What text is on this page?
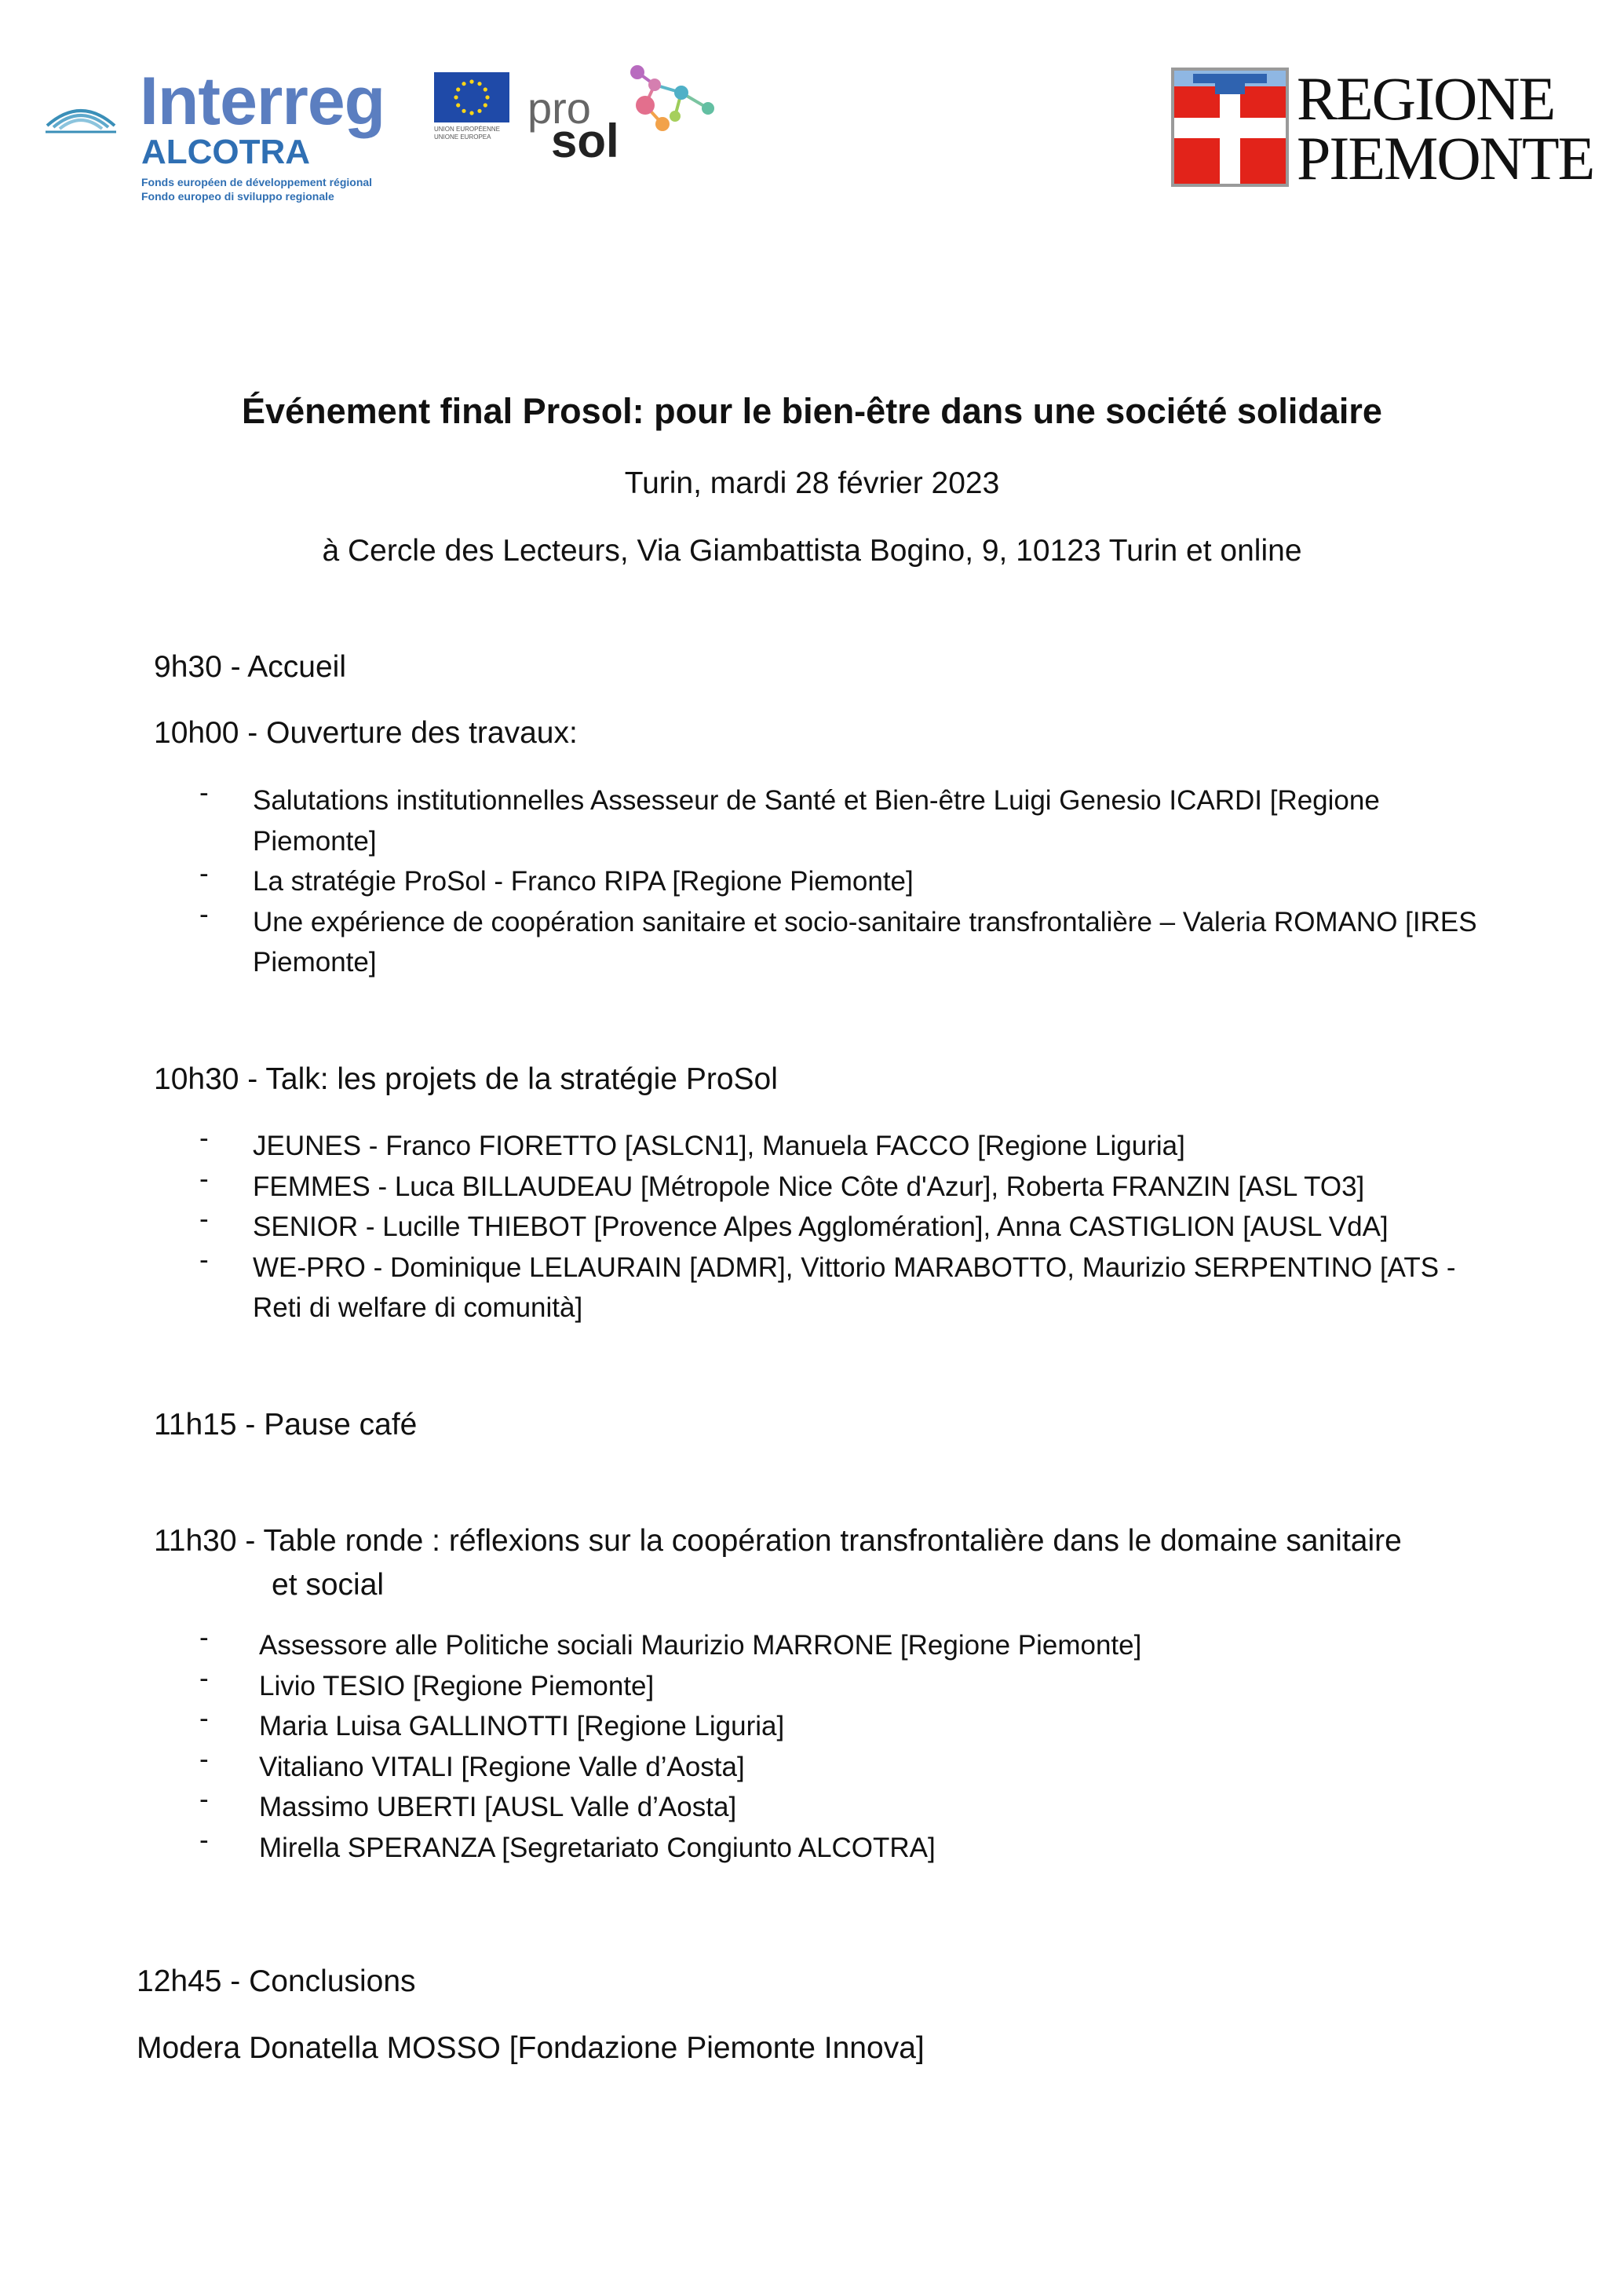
Interreg
ALCOTRA
Fonds européen de développement régional
Fondo europeo di sviluppo regionale
UNION EUROPÉENNE
UNIONE EUROPEA
pro
sol
REGIONE
PIEMONTE
Événement final Prosol: pour le bien-être dans une société solidaire
Turin, mardi 28 février 2023
à Cercle des Lecteurs, Via Giambattista Bogino, 9, 10123 Turin et online
9h30 - Accueil
10h00 - Ouverture des travaux:
- Salutations institutionnelles Assesseur de Santé et Bien-être Luigi Genesio ICARDI [Regione Piemonte]
- La stratégie ProSol - Franco RIPA [Regione Piemonte]
- Une expérience de coopération sanitaire et socio-sanitaire transfrontalière – Valeria ROMANO [IRES Piemonte]
10h30 - Talk: les projets de la stratégie ProSol
- JEUNES - Franco FIORETTO [ASLCN1], Manuela FACCO [Regione Liguria]
- FEMMES - Luca BILLAUDEAU [Métropole Nice Côte d'Azur], Roberta FRANZIN [ASL TO3]
- SENIOR - Lucille THIEBOT [Provence Alpes Agglomération], Anna CASTIGLION [AUSL VdA]
- WE-PRO - Dominique LELAURAIN [ADMR], Vittorio MARABOTTO, Maurizio SERPENTINO [ATS - Reti di welfare di comunità]
11h15 - Pause café
11h30 - Table ronde : réflexions sur la coopération transfrontalière dans le domaine sanitaire
et social
- Assessore alle Politiche sociali Maurizio MARRONE [Regione Piemonte]
- Livio TESIO [Regione Piemonte]
- Maria Luisa GALLINOTTI [Regione Liguria]
- Vitaliano VITALI [Regione Valle d’Aosta]
- Massimo UBERTI [AUSL Valle d’Aosta]
- Mirella SPERANZA [Segretariato Congiunto ALCOTRA]
12h45 - Conclusions
Modera Donatella MOSSO [Fondazione Piemonte Innova]
